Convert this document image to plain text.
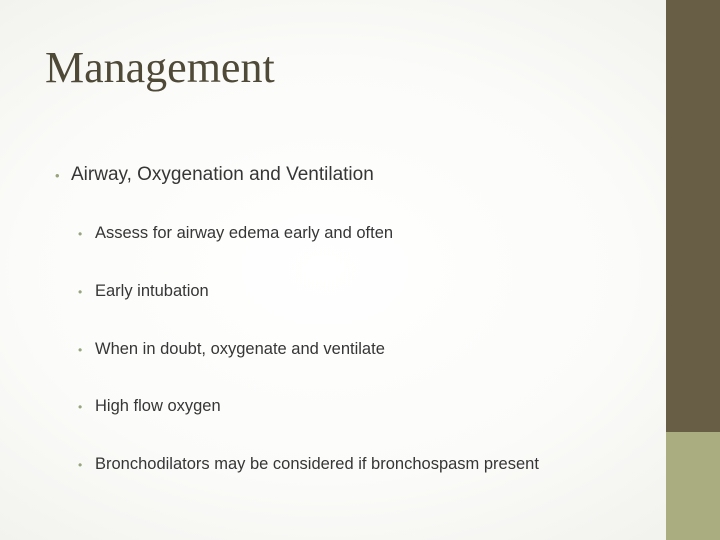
Management
• Airway, Oxygenation and Ventilation
• Assess for airway edema early and often
• Early intubation
• When in doubt, oxygenate and ventilate
• High flow oxygen
• Bronchodilators may be considered if bronchospasm present
